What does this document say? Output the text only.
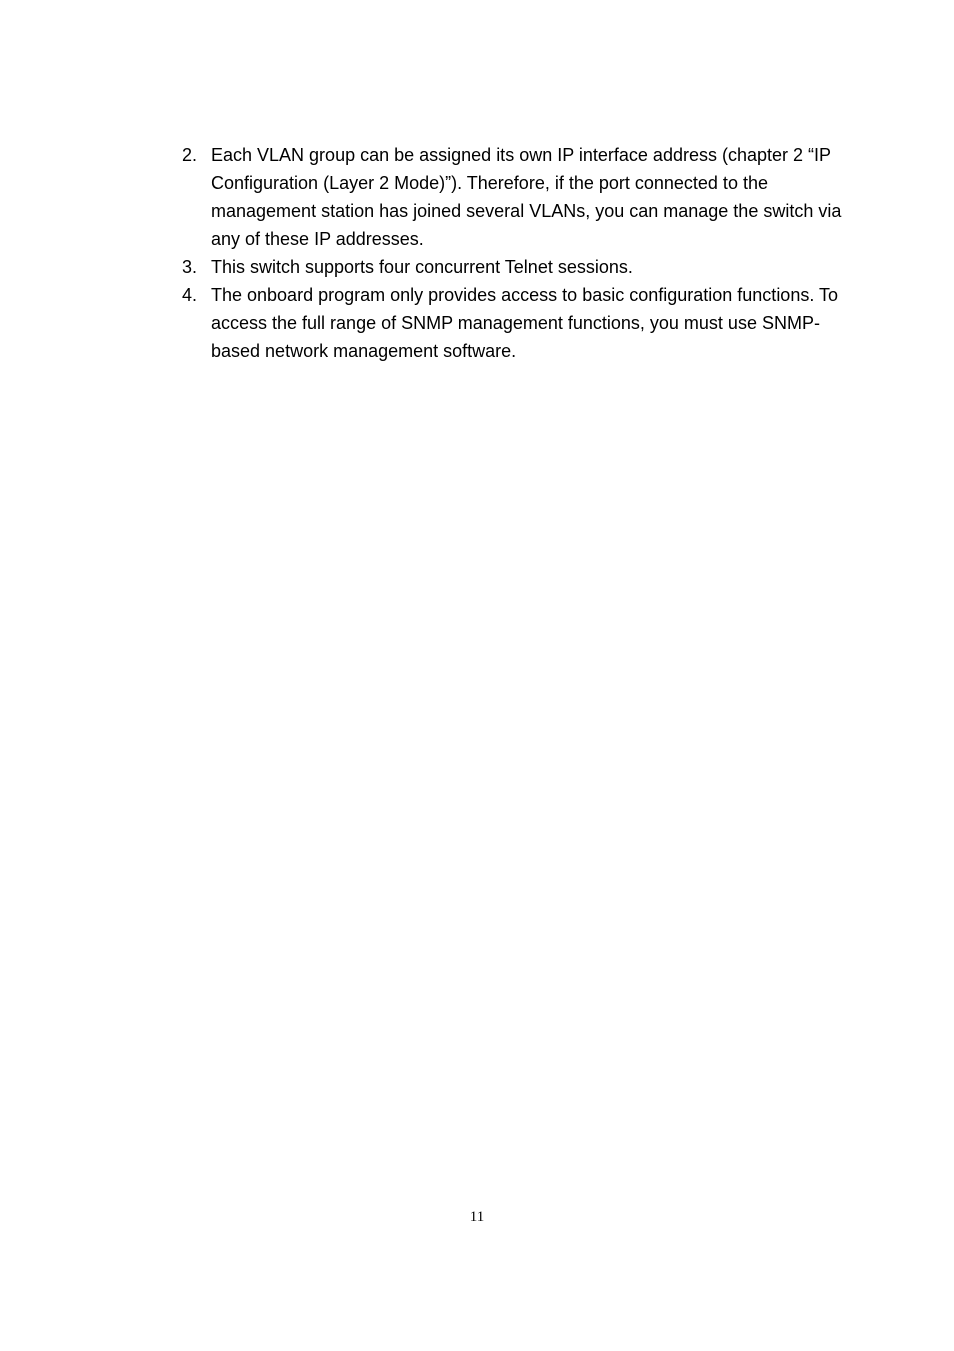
2. Each VLAN group can be assigned its own IP interface address (chapter 2 “IP Configuration (Layer 2 Mode)”). Therefore, if the port connected to the management station has joined several VLANs, you can manage the switch via any of these IP addresses.
3. This switch supports four concurrent Telnet sessions.
4. The onboard program only provides access to basic configuration functions. To access the full range of SNMP management functions, you must use SNMP- based network management software.
11
